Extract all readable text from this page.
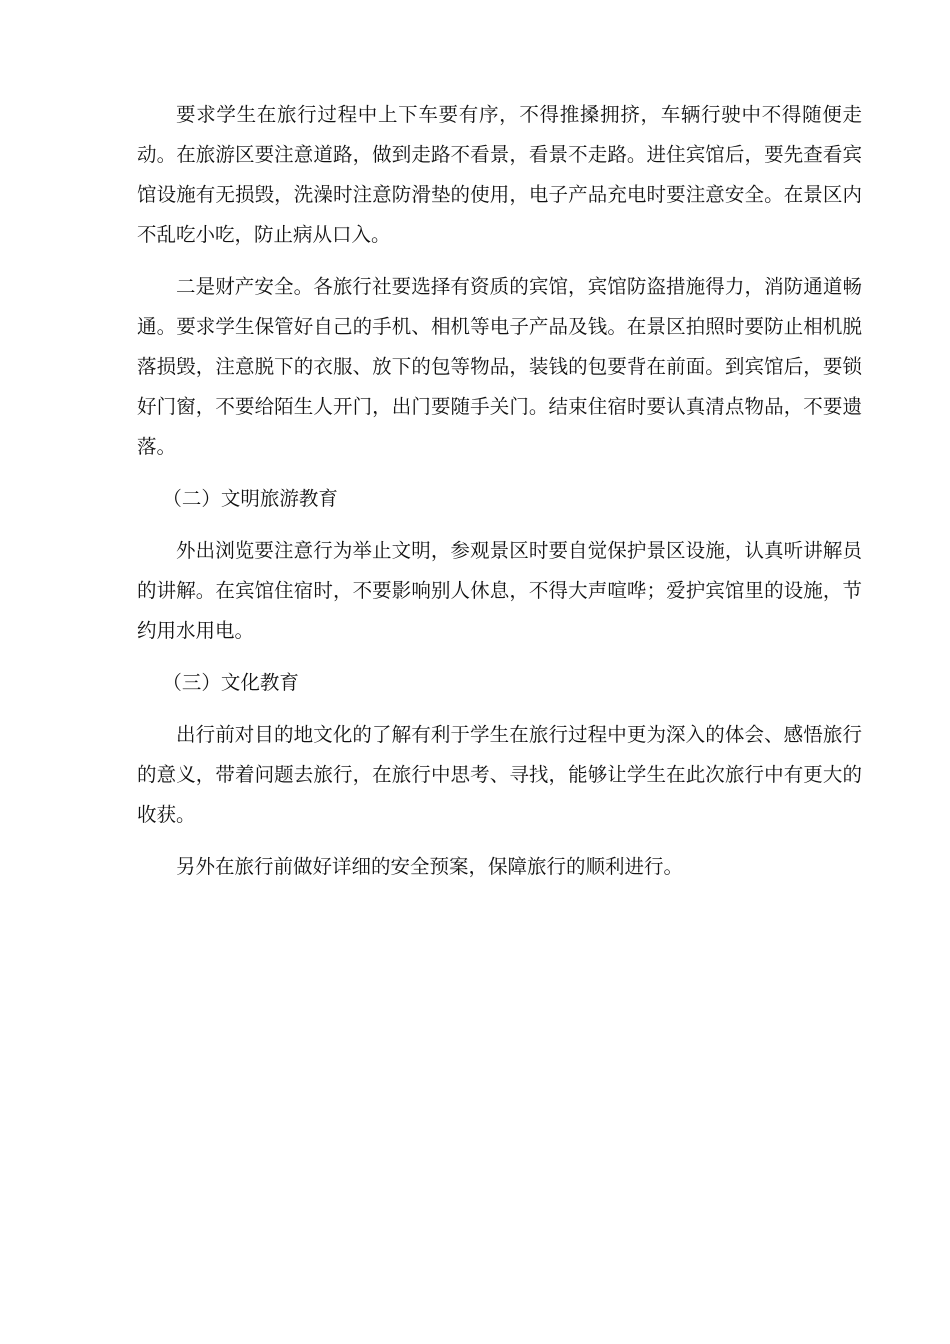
要求学生在旅行过程中上下车要有序，不得推搡拥挤，车辆行驶中不得随便走动。在旅游区要注意道路，做到走路不看景，看景不走路。进住宾馆后，要先查看宾馆设施有无损毁，洗澡时注意防滑垫的使用，电子产品充电时要注意安全。在景区内不乱吃小吃，防止病从口入。

二是财产安全。各旅行社要选择有资质的宾馆，宾馆防盗措施得力，消防通道畅通。要求学生保管好自己的手机、相机等电子产品及钱。在景区拍照时要防止相机脱落损毁，注意脱下的衣服、放下的包等物品，装钱的包要背在前面。到宾馆后，要锁好门窗，不要给陌生人开门，出门要随手关门。结束住宿时要认真清点物品，不要遗落。

（二）文明旅游教育

外出浏览要注意行为举止文明，参观景区时要自觉保护景区设施，认真听讲解员的讲解。在宾馆住宿时，不要影响别人休息，不得大声喧哗；爱护宾馆里的设施，节约用水用电。

（三）文化教育

出行前对目的地文化的了解有利于学生在旅行过程中更为深入的体会、感悟旅行的意义，带着问题去旅行，在旅行中思考、寻找，能够让学生在此次旅行中有更大的收获。

另外在旅行前做好详细的安全预案，保障旅行的顺利进行。
